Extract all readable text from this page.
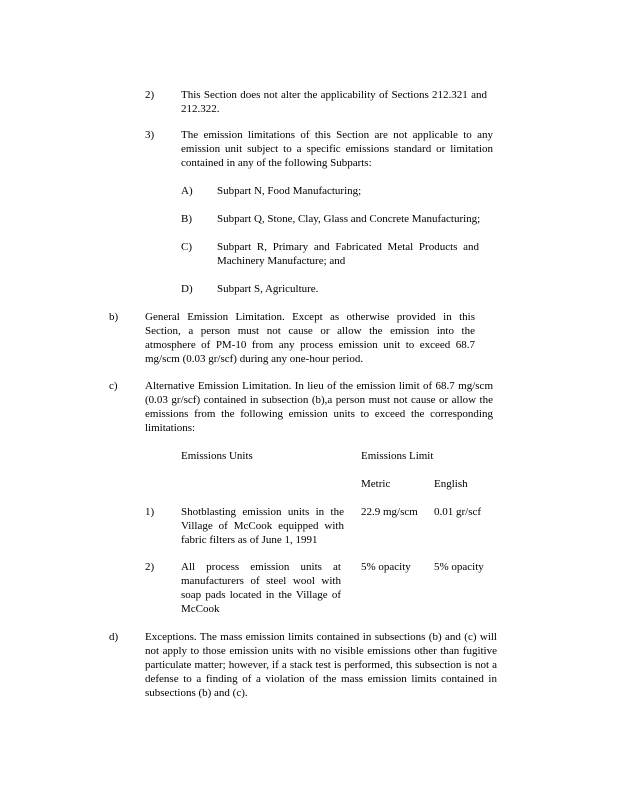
2) This Section does not alter the applicability of Sections 212.321 and 212.322.
3) The emission limitations of this Section are not applicable to any emission unit subject to a specific emissions standard or limitation contained in any of the following Subparts:
A) Subpart N, Food Manufacturing;
B) Subpart Q, Stone, Clay, Glass and Concrete Manufacturing;
C) Subpart R, Primary and Fabricated Metal Products and Machinery Manufacture; and
D) Subpart S, Agriculture.
b) General Emission Limitation. Except as otherwise provided in this Section, a person must not cause or allow the emission into the atmosphere of PM-10 from any process emission unit to exceed 68.7 mg/scm (0.03 gr/scf) during any one-hour period.
c) Alternative Emission Limitation. In lieu of the emission limit of 68.7 mg/scm (0.03 gr/scf) contained in subsection (b),a person must not cause or allow the emissions from the following emission units to exceed the corresponding limitations:
Emissions Units	Emissions Limit
Metric	English
1) Shotblasting emission units in the Village of McCook equipped with fabric filters as of June 1, 1991
22.9 mg/scm 0.01 gr/scf
2) All process emission units at manufacturers of steel wool with soap pads located in the Village of McCook
5% opacity 5% opacity
d) Exceptions. The mass emission limits contained in subsections (b) and (c) will not apply to those emission units with no visible emissions other than fugitive particulate matter; however, if a stack test is performed, this subsection is not a defense to a finding of a violation of the mass emission limits contained in subsections (b) and (c).
